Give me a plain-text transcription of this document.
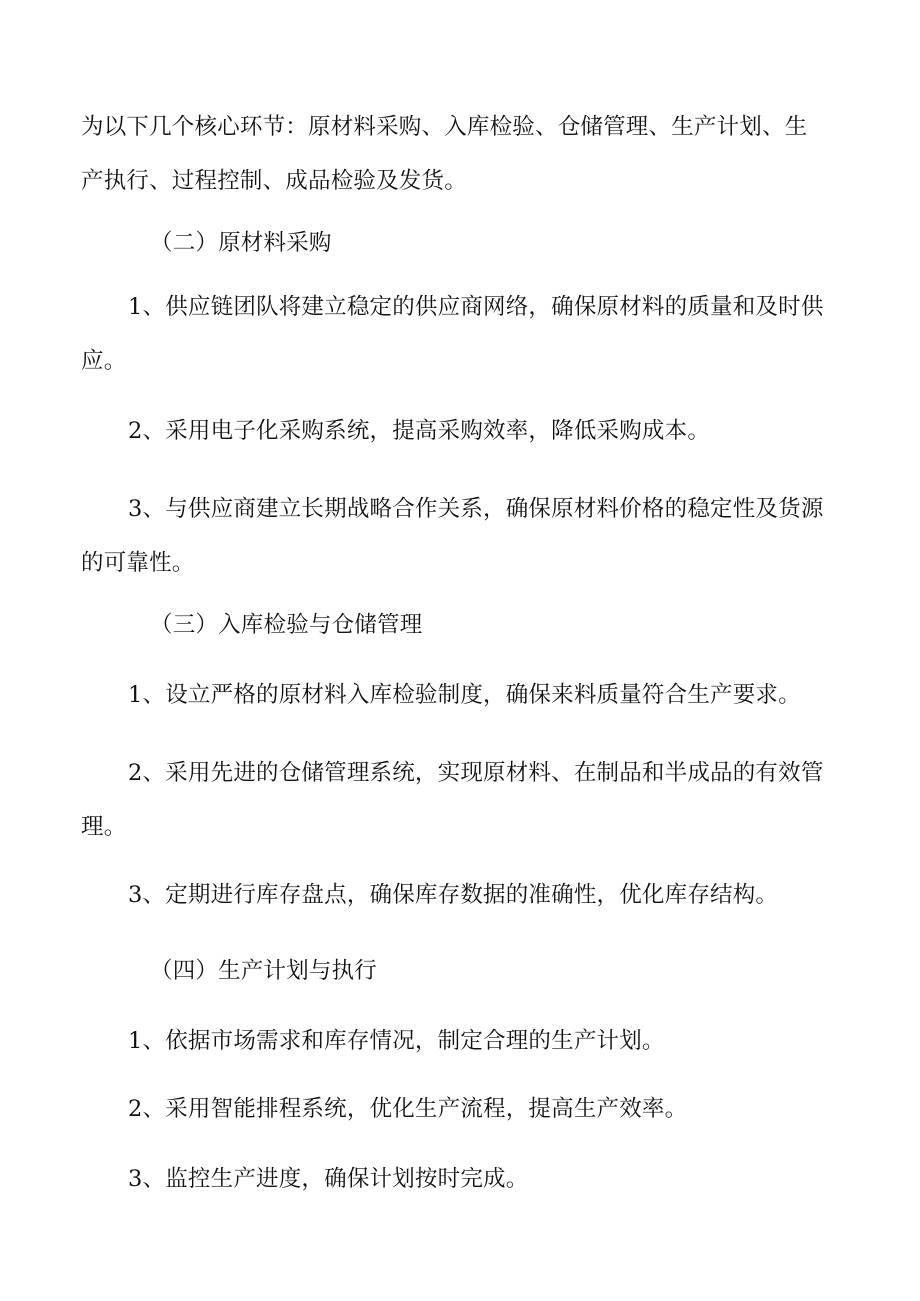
为以下几个核心环节：原材料采购、入库检验、仓储管理、生产计划、生
产执行、过程控制、成品检验及发货。
（二）原材料采购
1、供应链团队将建立稳定的供应商网络，确保原材料的质量和及时供
应。
2、采用电子化采购系统，提高采购效率，降低采购成本。
3、与供应商建立长期战略合作关系，确保原材料价格的稳定性及货源
的可靠性。
（三）入库检验与仓储管理
1、设立严格的原材料入库检验制度，确保来料质量符合生产要求。
2、采用先进的仓储管理系统，实现原材料、在制品和半成品的有效管
理。
3、定期进行库存盘点，确保库存数据的准确性，优化库存结构。
（四）生产计划与执行
1、依据市场需求和库存情况，制定合理的生产计划。
2、采用智能排程系统，优化生产流程，提高生产效率。
3、监控生产进度，确保计划按时完成。
